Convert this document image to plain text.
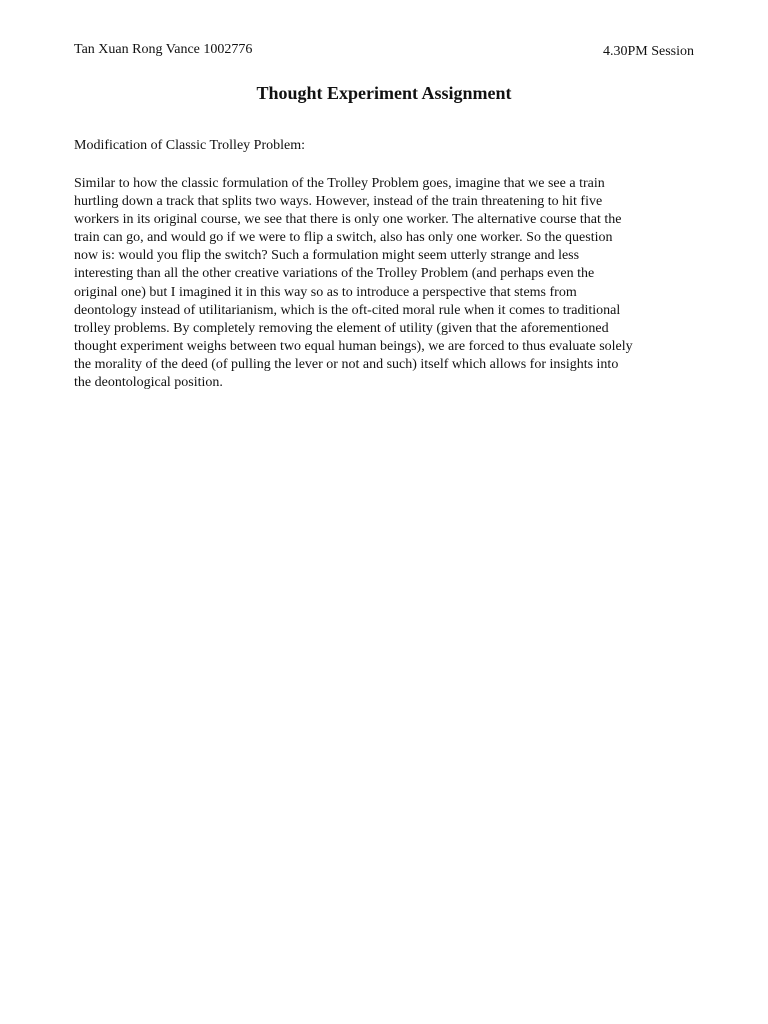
Tan Xuan Rong Vance 1002776	4.30PM Session
Thought Experiment Assignment
Modification of Classic Trolley Problem:
Similar to how the classic formulation of the Trolley Problem goes, imagine that we see a train
hurtling down a track that splits two ways. However, instead of the train threatening to hit five
workers in its original course, we see that there is only one worker. The alternative course that the
train can go, and would go if we were to flip a switch, also has only one worker. So the question
now is: would you flip the switch? Such a formulation might seem utterly strange and less
interesting than all the other creative variations of the Trolley Problem (and perhaps even the
original one) but I imagined it in this way so as to introduce a perspective that stems from
deontology instead of utilitarianism, which is the oft-cited moral rule when it comes to traditional
trolley problems. By completely removing the element of utility (given that the aforementioned
thought experiment weighs between two equal human beings), we are forced to thus evaluate solely
the morality of the deed (of pulling the lever or not and such) itself which allows for insights into
the deontological position.
